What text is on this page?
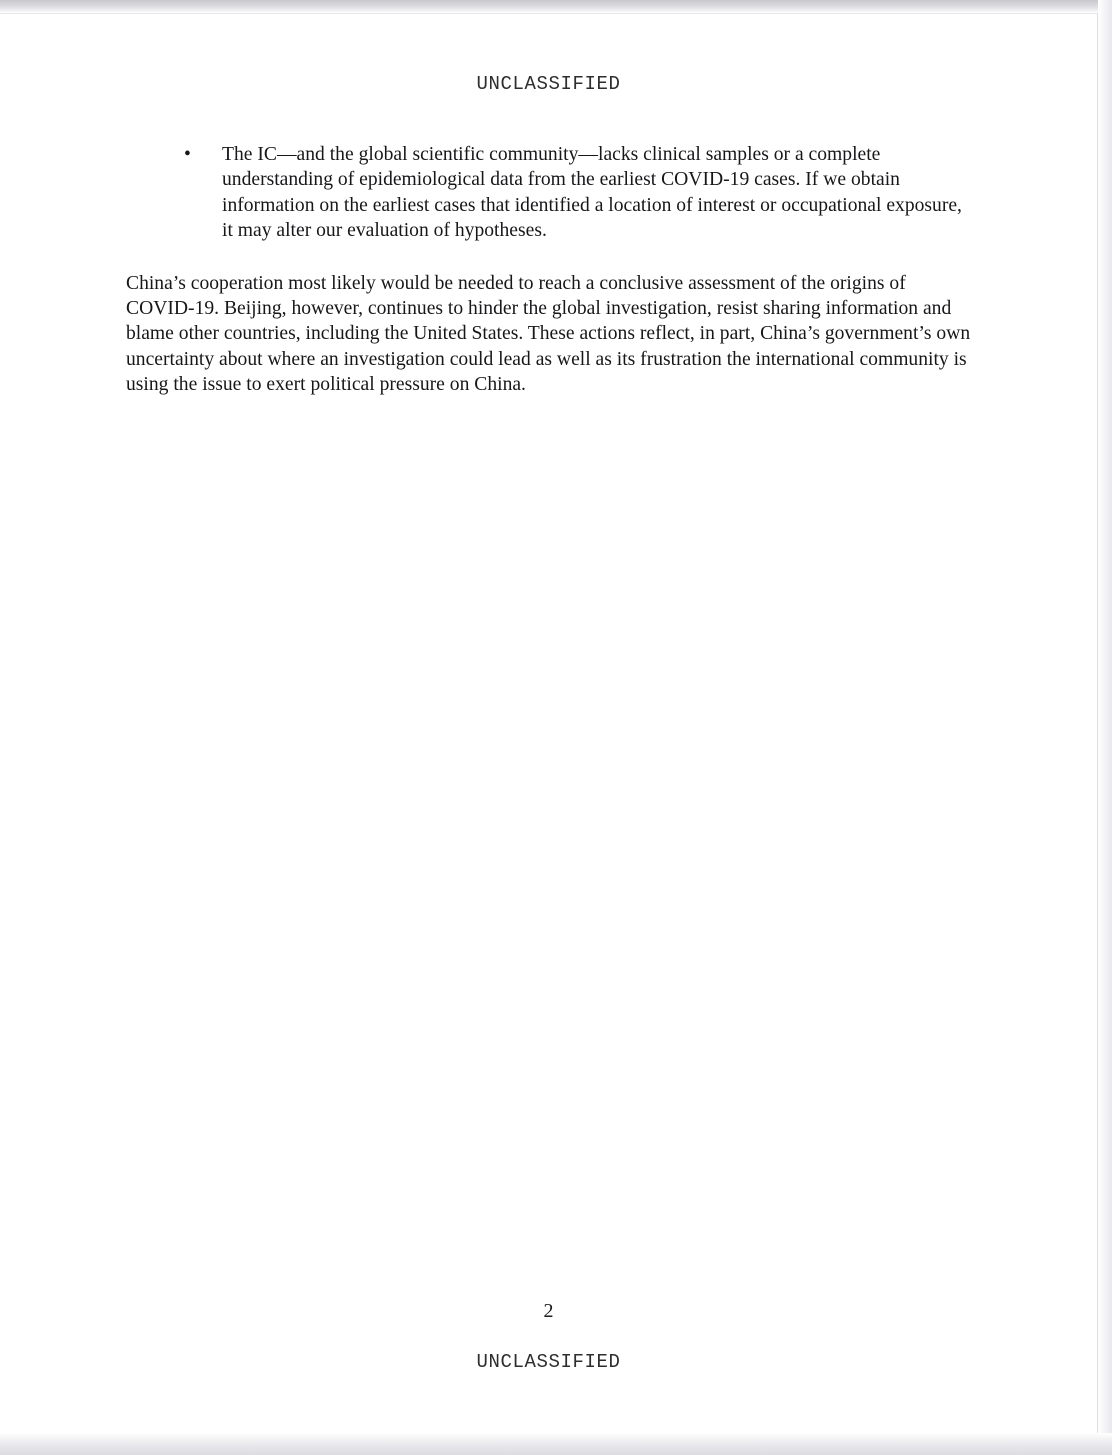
UNCLASSIFIED
• The IC—and the global scientific community—lacks clinical samples or a complete understanding of epidemiological data from the earliest COVID-19 cases. If we obtain information on the earliest cases that identified a location of interest or occupational exposure, it may alter our evaluation of hypotheses.

China’s cooperation most likely would be needed to reach a conclusive assessment of the origins of COVID-19. Beijing, however, continues to hinder the global investigation, resist sharing information and blame other countries, including the United States. These actions reflect, in part, China’s government’s own uncertainty about where an investigation could lead as well as its frustration the international community is using the issue to exert political pressure on China.

2
UNCLASSIFIED
